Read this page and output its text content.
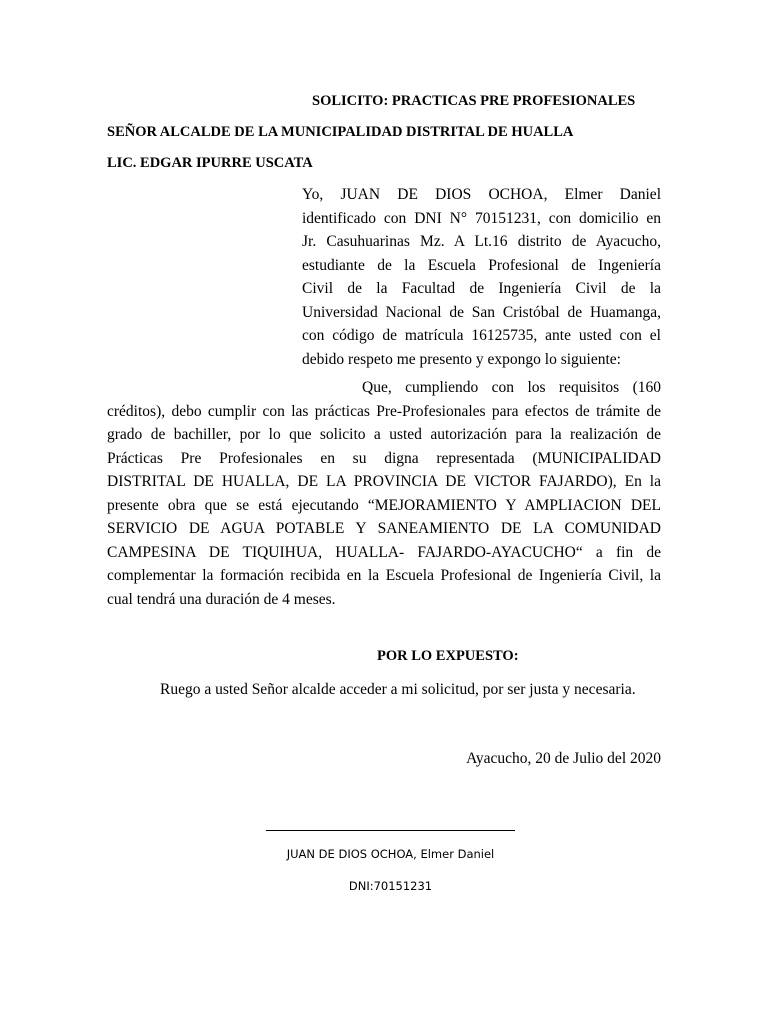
SOLICITO: PRACTICAS PRE PROFESIONALES
SEÑOR ALCALDE DE LA MUNICIPALIDAD DISTRITAL DE HUALLA
LIC. EDGAR IPURRE USCATA
Yo, JUAN DE DIOS OCHOA, Elmer Daniel
identificado con DNI N° 70151231, con domicilio en
Jr. Casuhuarinas Mz. A Lt.16 distrito de Ayacucho,
estudiante de la Escuela Profesional de Ingeniería
Civil de la Facultad de Ingeniería Civil de la
Universidad Nacional de San Cristóbal de Huamanga,
con código de matrícula 16125735, ante usted con el
debido respeto me presento y expongo lo siguiente:
Que, cumpliendo con los requisitos (160
créditos), debo cumplir con las prácticas Pre-Profesionales para efectos de trámite de
grado de bachiller, por lo que solicito a usted autorización para la realización de
Prácticas Pre Profesionales en su digna representada (MUNICIPALIDAD
DISTRITAL DE HUALLA, DE LA PROVINCIA DE VICTOR FAJARDO), En la
presente obra que se está ejecutando “MEJORAMIENTO Y AMPLIACION DEL
SERVICIO DE AGUA POTABLE Y SANEAMIENTO DE LA COMUNIDAD
CAMPESINA DE TIQUIHUA, HUALLA- FAJARDO-AYACUCHO“ a fin de
complementar la formación recibida en la Escuela Profesional de Ingeniería Civil, la
cual tendrá una duración de 4 meses.
POR LO EXPUESTO:
Ruego a usted Señor alcalde acceder a mi solicitud, por ser justa y necesaria.
Ayacucho, 20 de Julio del 2020
JUAN DE DIOS OCHOA, Elmer Daniel
DNI:70151231
